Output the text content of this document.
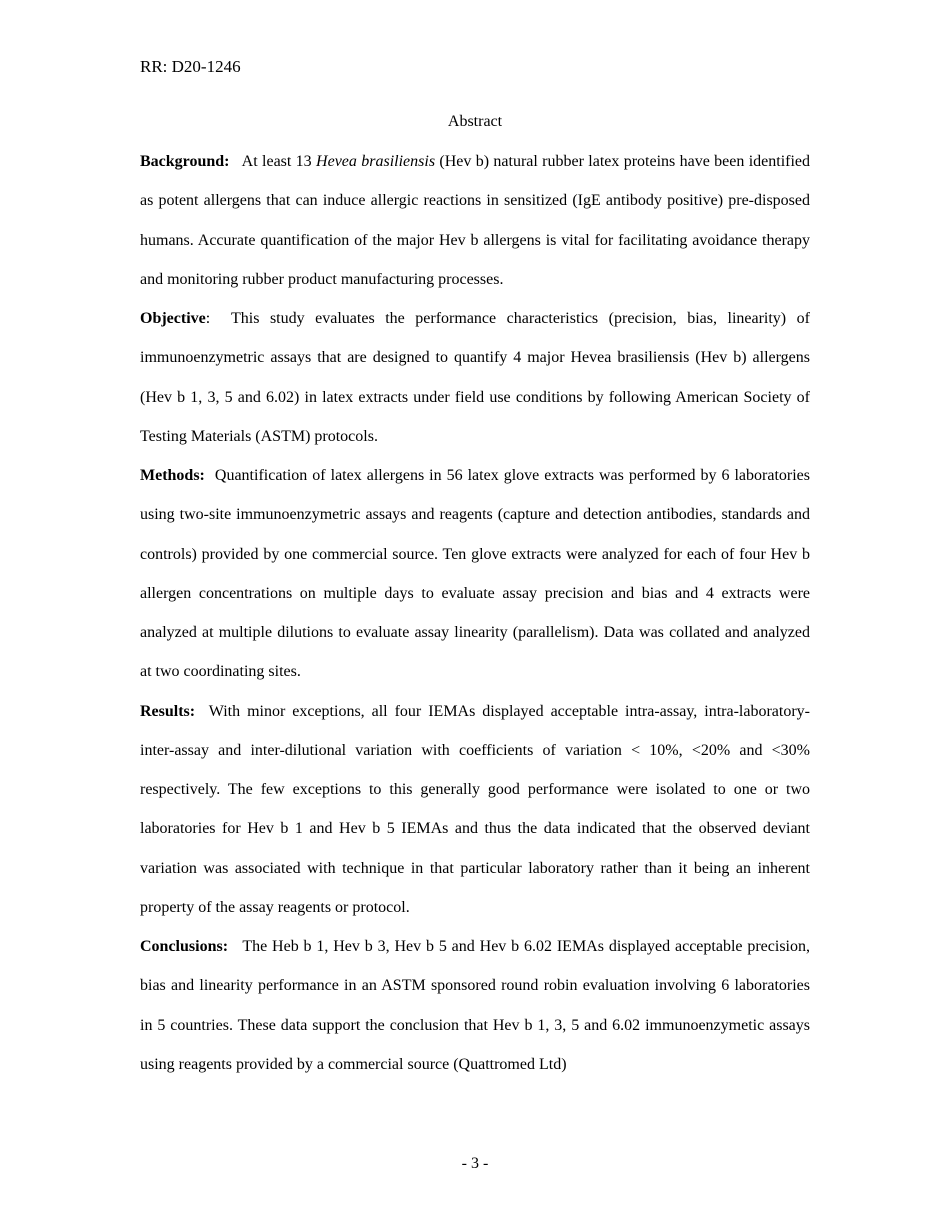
RR: D20-1246
Abstract

Background: At least 13 Hevea brasiliensis (Hev b) natural rubber latex proteins have been identified as potent allergens that can induce allergic reactions in sensitized (IgE antibody positive) pre-disposed humans. Accurate quantification of the major Hev b allergens is vital for facilitating avoidance therapy and monitoring rubber product manufacturing processes.

Objective: This study evaluates the performance characteristics (precision, bias, linearity) of immunoenzymetric assays that are designed to quantify 4 major Hevea brasiliensis (Hev b) allergens (Hev b 1, 3, 5 and 6.02) in latex extracts under field use conditions by following American Society of Testing Materials (ASTM) protocols.

Methods: Quantification of latex allergens in 56 latex glove extracts was performed by 6 laboratories using two-site immunoenzymetric assays and reagents (capture and detection antibodies, standards and controls) provided by one commercial source. Ten glove extracts were analyzed for each of four Hev b allergen concentrations on multiple days to evaluate assay precision and bias and 4 extracts were analyzed at multiple dilutions to evaluate assay linearity (parallelism). Data was collated and analyzed at two coordinating sites.

Results: With minor exceptions, all four IEMAs displayed acceptable intra-assay, intra-laboratory-inter-assay and inter-dilutional variation with coefficients of variation < 10%, <20% and <30% respectively. The few exceptions to this generally good performance were isolated to one or two laboratories for Hev b 1 and Hev b 5 IEMAs and thus the data indicated that the observed deviant variation was associated with technique in that particular laboratory rather than it being an inherent property of the assay reagents or protocol.

Conclusions: The Heb b 1, Hev b 3, Hev b 5 and Hev b 6.02 IEMAs displayed acceptable precision, bias and linearity performance in an ASTM sponsored round robin evaluation involving 6 laboratories in 5 countries. These data support the conclusion that Hev b 1, 3, 5 and 6.02 immunoenzymetic assays using reagents provided by a commercial source (Quattromed Ltd)

- 3 -
